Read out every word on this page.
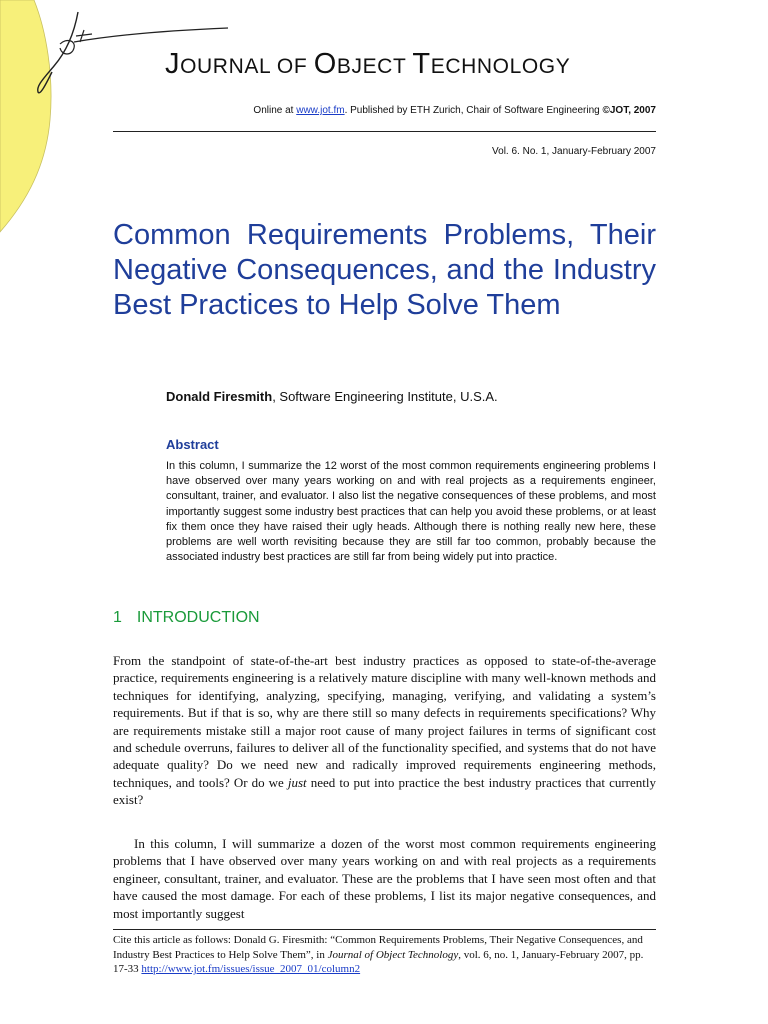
JOURNAL OF OBJECT TECHNOLOGY
Online at www.jot.fm. Published by ETH Zurich, Chair of Software Engineering ©JOT, 2007
Vol. 6. No. 1, January-February 2007
Common Requirements Problems, Their Negative Consequences, and the Industry Best Practices to Help Solve Them
Donald Firesmith, Software Engineering Institute, U.S.A.
Abstract

In this column, I summarize the 12 worst of the most common requirements engineering problems I have observed over many years working on and with real projects as a requirements engineer, consultant, trainer, and evaluator. I also list the negative consequences of these problems, and most importantly suggest some industry best practices that can help you avoid these problems, or at least fix them once they have raised their ugly heads. Although there is nothing really new here, these problems are well worth revisiting because they are still far too common, probably because the associated industry best practices are still far from being widely put into practice.

1 INTRODUCTION

From the standpoint of state-of-the-art best industry practices as opposed to state-of-the-average practice, requirements engineering is a relatively mature discipline with many well-known methods and techniques for identifying, analyzing, specifying, managing, verifying, and validating a system’s requirements. But if that is so, why are there still so many defects in requirements specifications? Why are requirements mistake still a major root cause of many project failures in terms of significant cost and schedule overruns, failures to deliver all of the functionality specified, and systems that do not have adequate quality? Do we need new and radically improved requirements engineering methods, techniques, and tools? Or do we just need to put into practice the best industry practices that currently exist?

In this column, I will summarize a dozen of the worst most common requirements engineering problems that I have observed over many years working on and with real projects as a requirements engineer, consultant, trainer, and evaluator. These are the problems that I have seen most often and that have caused the most damage. For each of these problems, I list its major negative consequences, and most importantly suggest

Cite this article as follows: Donald G. Firesmith: “Common Requirements Problems, Their Negative Consequences, and Industry Best Practices to Help Solve Them”, in Journal of Object Technology, vol. 6, no. 1, January-February 2007, pp. 17-33 http://www.jot.fm/issues/issue_2007_01/column2
